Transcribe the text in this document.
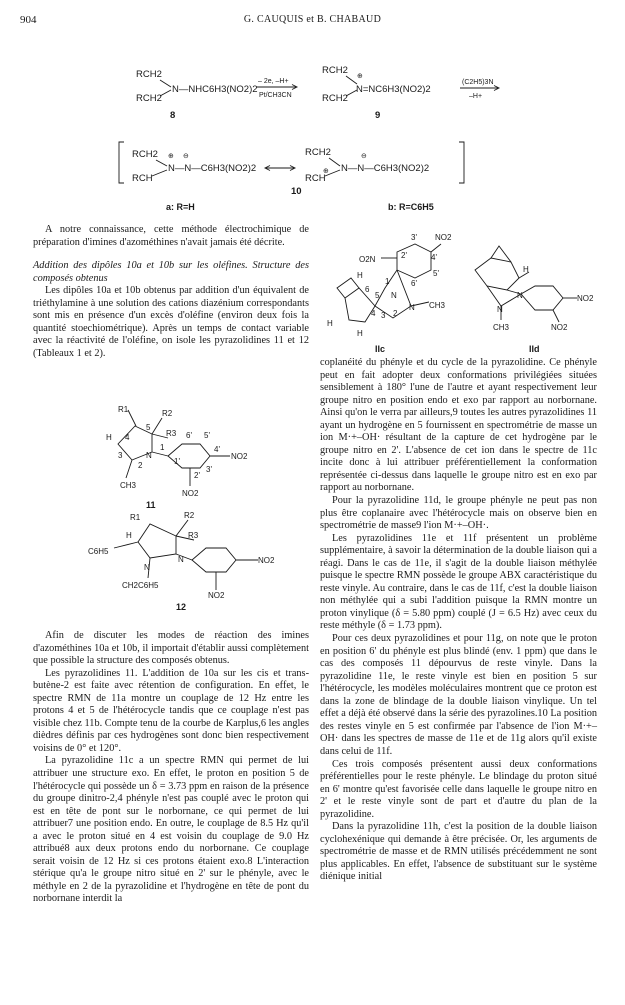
904	G. CAUQUIS et B. CHABAUD
RCH2
RCH2
N—NHC6H3(NO2)2
8
– 2e, –H+
Pt/CH3CN
RCH2
RCH2
⊕
N=NC6H3(NO2)2
9
(C2H5)3N
–H+
RCH2
RCH
⊕ ⊖
N—N—C6H3(NO2)2
RCH2
RCH
⊕
⊖
N—N—C6H3(NO2)2
10
a: R=H	b: R=C6H5

A notre connaissance, cette méthode électrochimique de préparation d'imines d'azométhines n'avait jamais été décrite.

Addition des dipôles 10a et 10b sur les oléfines. Structure des composés obtenus

Les dipôles 10a et 10b obtenus par addition d'un équivalent de triéthylamine à une solution des cations diazénium correspondants sont mis en présence d'un excès d'oléfine (environ deux fois la quantité stoechiométrique). Après un temps de contact variable avec la réactivité de l'oléfine, on isole les pyrazolidines 11 et 12 (Tableaux 1 et 2).

R1	R2
6' 5'
H 4
5
R3
1	4'
NO2
3
2
N
1'
3'
CH3
NO2
2'
11
R1	R2
H	R3
C6H5
N
N	NO2
CH2C6H5
NO2
12

Afin de discuter les modes de réaction des imines d'azométhines 10a et 10b, il importait d'établir aussi complètement que possible la structure des composés obtenus.

Les pyrazolidines 11. L'addition de 10a sur les cis et trans-butène-2 est faite avec rétention de configuration. En effet, le spectre RMN de 11a montre un couplage de 12 Hz entre les protons 4 et 5 de l'hétérocycle tandis que ce couplage n'est pas visible chez 11b. Compte tenu de la courbe de Karplus,6 les angles dièdres définis par ces hydrogènes sont donc bien respectivement voisins de 0° et 120°.

La pyrazolidine 11c a un spectre RMN qui permet de lui attribuer une structure exo. En effet, le proton en position 5 de l'hétérocycle qui possède un δ = 3.73 ppm en raison de la présence du groupe dinitro-2,4 phényle n'est pas couplé avec le proton qui est en tête de pont sur le norbornane, ce qui permet de lui attribuer7 une position endo. En outre, le couplage de 8.5 Hz qu'il a avec le proton situé en 4 est voisin du couplage de 9.0 Hz attribué8 aux deux protons endo du norbornane. Ce couplage serait voisin de 12 Hz si ces protons étaient exo.8 L'interaction stérique qu'a le groupe nitro situé en 2' sur le phényle, avec le méthyle en 2 de la pyrazolidine et l'hydrogène en tête de pont du norbornane interdit la

3' NO2
O2N	2'	4'
H
6'
1
5'
6
5 N
N CH3
4 3 2
H
H
IIc
H
N
N	NO2
CH3	NO2
IId

coplanéité du phényle et du cycle de la pyrazolidine. Ce phényle peut en fait adopter deux conformations privilégiées situées sensiblement à 180° l'une de l'autre et ayant respectivement leur groupe nitro en position endo et exo par rapport au norbornane. Ainsi qu'on le verra par ailleurs,9 toutes les autres pyrazolidines 11 ayant un hydrogène en 5 fournissent en spectrométrie de masse un ion M·+–OH· résultant de la capture de cet hydrogène par le groupe nitro en 2'. L'absence de cet ion dans le spectre de 11c incite donc à lui attribuer préférentiellement la conformation représentée ci-dessus dans laquelle le groupe nitro est en exo par rapport au norbornane.

Pour la pyrazolidine 11d, le groupe phényle ne peut pas non plus être coplanaire avec l'hétérocycle mais on observe bien en spectrométrie de masse9 l'ion M·+–OH·.

Les pyrazolidines 11e et 11f présentent un problème supplémentaire, à savoir la détermination de la double liaison qui a réagi. Dans le cas de 11e, il s'agit de la double liaison méthylée puisque le spectre RMN possède le groupe ABX caractéristique du reste vinyle. Au contraire, dans le cas de 11f, c'est la double liaison non méthylée qui a subi l'addition puisque la RMN montre un proton vinylique (δ = 5.80 ppm) couplé (J = 6.5 Hz) avec ceux du reste méthyle (δ = 1.73 ppm).

Pour ces deux pyrazolidines et pour 11g, on note que le proton en position 6' du phényle est plus blindé (env. 1 ppm) que dans le cas des composés 11 dépourvus de reste vinyle. Dans la pyrazolidine 11e, le reste vinyle est bien en position 5 sur l'hétérocycle, les modèles moléculaires montrent que ce proton est dans la zone de blindage de la double liaison vinylique. Un tel effet a déjà été observé dans la série des pyrazolines.10 La position des restes vinyle en 5 est confirmée par l'absence de l'ion M·+–OH· dans les spectres de masse de 11e et de 11g alors qu'il existe dans celui de 11f.

Ces trois composés présentent aussi deux conformations préférentielles pour le reste phényle. Le blindage du proton situé en 6' montre qu'est favorisée celle dans laquelle le groupe nitro en 2' et le reste vinyle sont de part et d'autre du plan de la pyrazolidine.

Dans la pyrazolidine 11h, c'est la position de la double liaison cyclohexénique qui demande à être précisée. Or, les arguments de spectrométrie de masse et de RMN utilisés précédemment ne sont plus applicables. En effet, l'absence de substituant sur le système diénique initial
